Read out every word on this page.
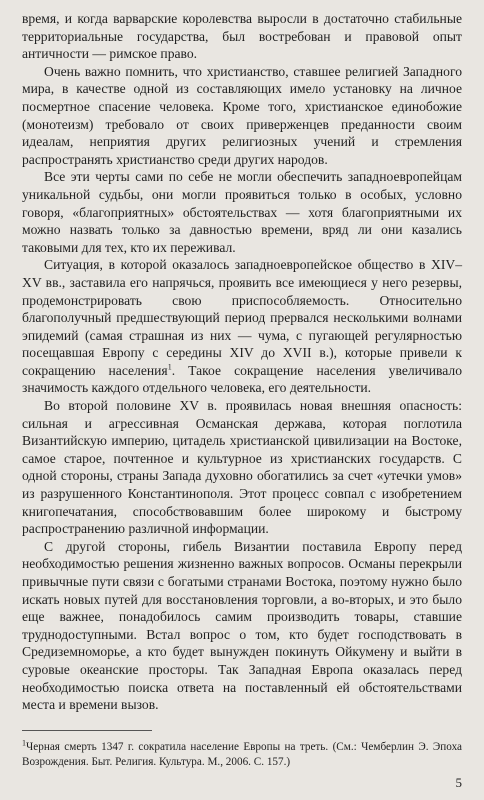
время, и когда варварские королевства выросли в достаточно стабильные территориальные государства, был востребован и правовой опыт античности — римское право.

Очень важно помнить, что христианство, ставшее религией Западного мира, в качестве одной из составляющих имело установку на личное посмертное спасение человека. Кроме того, христианское единобожие (монотеизм) требовало от своих приверженцев преданности своим идеалам, неприятия других религиозных учений и стремления распространять христианство среди других народов.

Все эти черты сами по себе не могли обеспечить западноевропейцам уникальной судьбы, они могли проявиться только в особых, условно говоря, «благоприятных» обстоятельствах — хотя благоприятными их можно назвать только за давностью времени, вряд ли они казались таковыми для тех, кто их переживал.

Ситуация, в которой оказалось западноевропейское общество в XIV–XV вв., заставила его напрячься, проявить все имеющиеся у него резервы, продемонстрировать свою приспособляемость. Относительно благополучный предшествующий период прервался несколькими волнами эпидемий (самая страшная из них — чума, с пугающей регулярностью посещавшая Европу с середины XIV до XVII в.), которые привели к сокращению населения$^1$. Такое сокращение населения увеличивало значимость каждого отдельного человека, его деятельности.

Во второй половине XV в. проявилась новая внешняя опасность: сильная и агрессивная Османская держава, которая поглотила Византийскую империю, цитадель христианской цивилизации на Востоке, самое старое, почтенное и культурное из христианских государств. С одной стороны, страны Запада духовно обогатились за счет «утечки умов» из разрушенного Константинополя. Этот процесс совпал с изобретением книгопечатания, способствовавшим более широкому и быстрому распространению различной информации.

С другой стороны, гибель Византии поставила Европу перед необходимостью решения жизненно важных вопросов. Османы перекрыли привычные пути связи с богатыми странами Востока, поэтому нужно было искать новых путей для восстановления торговли, а во-вторых, и это было еще важнее, понадобилось самим производить товары, ставшие труднодоступными. Встал вопрос о том, кто будет господствовать в Средиземноморье, а кто будет вынужден покинуть Ойкумену и выйти в суровые океанские просторы. Так Западная Европа оказалась перед необходимостью поиска ответа на поставленный ей обстоятельствами места и времени вызов.

$^1$Черная смерть 1347 г. сократила население Европы на треть. (См.: Чемберлин Э. Эпоха Возрождения. Быт. Религия. Культура. М., 2006. С. 157.)

5
